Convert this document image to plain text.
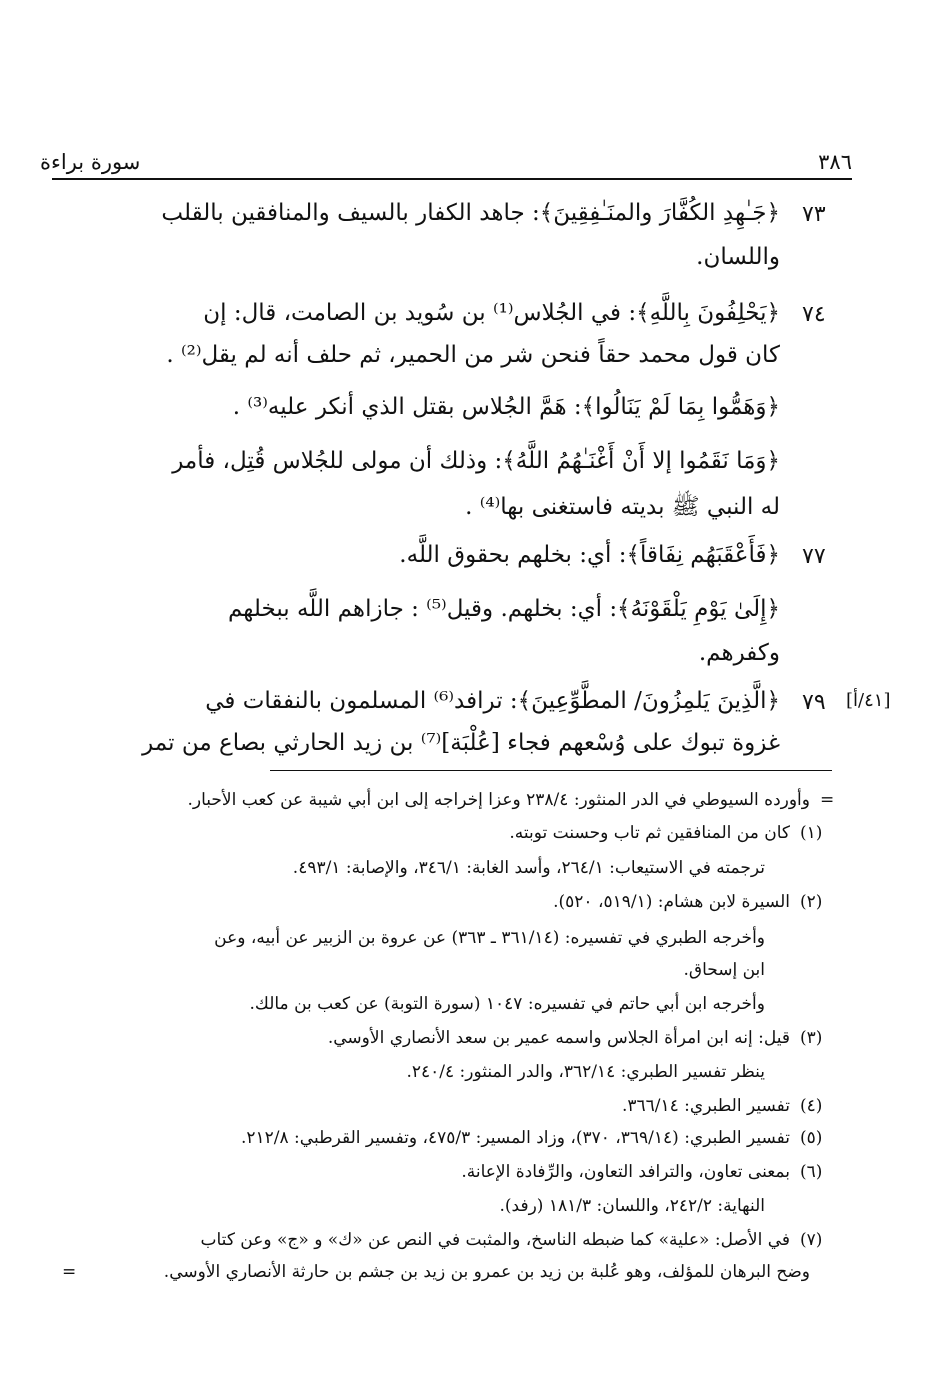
٣٨٦
سورة براءة
٧٣
﴿جَـٰهِدِ الكُفَّارَ والمنَـٰفِقِينَ﴾: جاهد الكفار بالسيف والمنافقين بالقلب
واللسان.
٧٤
﴿يَحْلِفُونَ بِاللَّهِ﴾: في الجُلاس⁽¹⁾ بن سُويد بن الصامت، قال: إن
كان قول محمد حقاً فنحن شر من الحمير، ثم حلف أنه لم يقل⁽²⁾ .
﴿وَهَمُّوا بِمَا لَمْ يَنَالُوا﴾: هَمَّ الجُلاس بقتل الذي أنكر عليه⁽³⁾ .
﴿وَمَا نَقَمُوا إلا أَنْ أَغْنَـٰهُمُ اللَّهُ﴾: وذلك أن مولى للجُلاس قُتِل، فأمر
له النبي ﷺ بديته فاستغنى بها⁽⁴⁾ .
٧٧
﴿فَأَعْقَبَهُم نِفَاقاً﴾: أي: بخلهم بحقوق اللَّه.
﴿إِلَىٰ يَوْمِ يَلْقَوْنَهُ﴾: أي: بخلهم. وقيل⁽⁵⁾ : جازاهم اللَّه ببخلهم
وكفرهم.
[٤١/أ]
٧٩
﴿الَّذِينَ يَلمِزُونَ/ المطَّوِّعِينَ﴾: ترافد⁽⁶⁾ المسلمون بالنفقات في
غزوة تبوك على وُسْعهم فجاء [عُلْبَة]⁽⁷⁾ بن زيد الحارثي بصاع من تمر
=
وأورده السيوطي في الدر المنثور: ٢٣٨/٤ وعزا إخراجه إلى ابن أبي شيبة عن كعب الأحبار.
(١)
كان من المنافقين ثم تاب وحسنت توبته.
ترجمته في الاستيعاب: ٢٦٤/١، وأسد الغابة: ٣٤٦/١، والإصابة: ٤٩٣/١.
(٢)
السيرة لابن هشام: (٥١٩/١، ٥٢٠).
وأخرجه الطبري في تفسيره: (٣٦١/١٤ ـ ٣٦٣) عن عروة بن الزبير عن أبيه، وعن
ابن إسحاق.
وأخرجه ابن أبي حاتم في تفسيره: ١٠٤٧ (سورة التوبة) عن كعب بن مالك.
(٣)
قيل: إنه ابن امرأة الجلاس واسمه عمير بن سعد الأنصاري الأوسي.
ينظر تفسير الطبري: ٣٦٢/١٤، والدر المنثور: ٢٤٠/٤.
(٤)
تفسير الطبري: ٣٦٦/١٤.
(٥)
تفسير الطبري: (٣٦٩/١٤، ٣٧٠)، وزاد المسير: ٤٧٥/٣، وتفسير القرطبي: ٢١٢/٨.
(٦)
بمعنى تعاون، والترافد التعاون، والرِّفادة الإعانة.
النهاية: ٢٤٢/٢، واللسان: ١٨١/٣ (رفد).
(٧)
في الأصل: «علية» كما ضبطه الناسخ، والمثبت في النص عن «ك» و «ج» وعن كتاب
وضح البرهان للمؤلف، وهو عُلبة بن زيد بن عمرو بن زيد بن جشم بن حارثة الأنصاري الأوسي.
=
